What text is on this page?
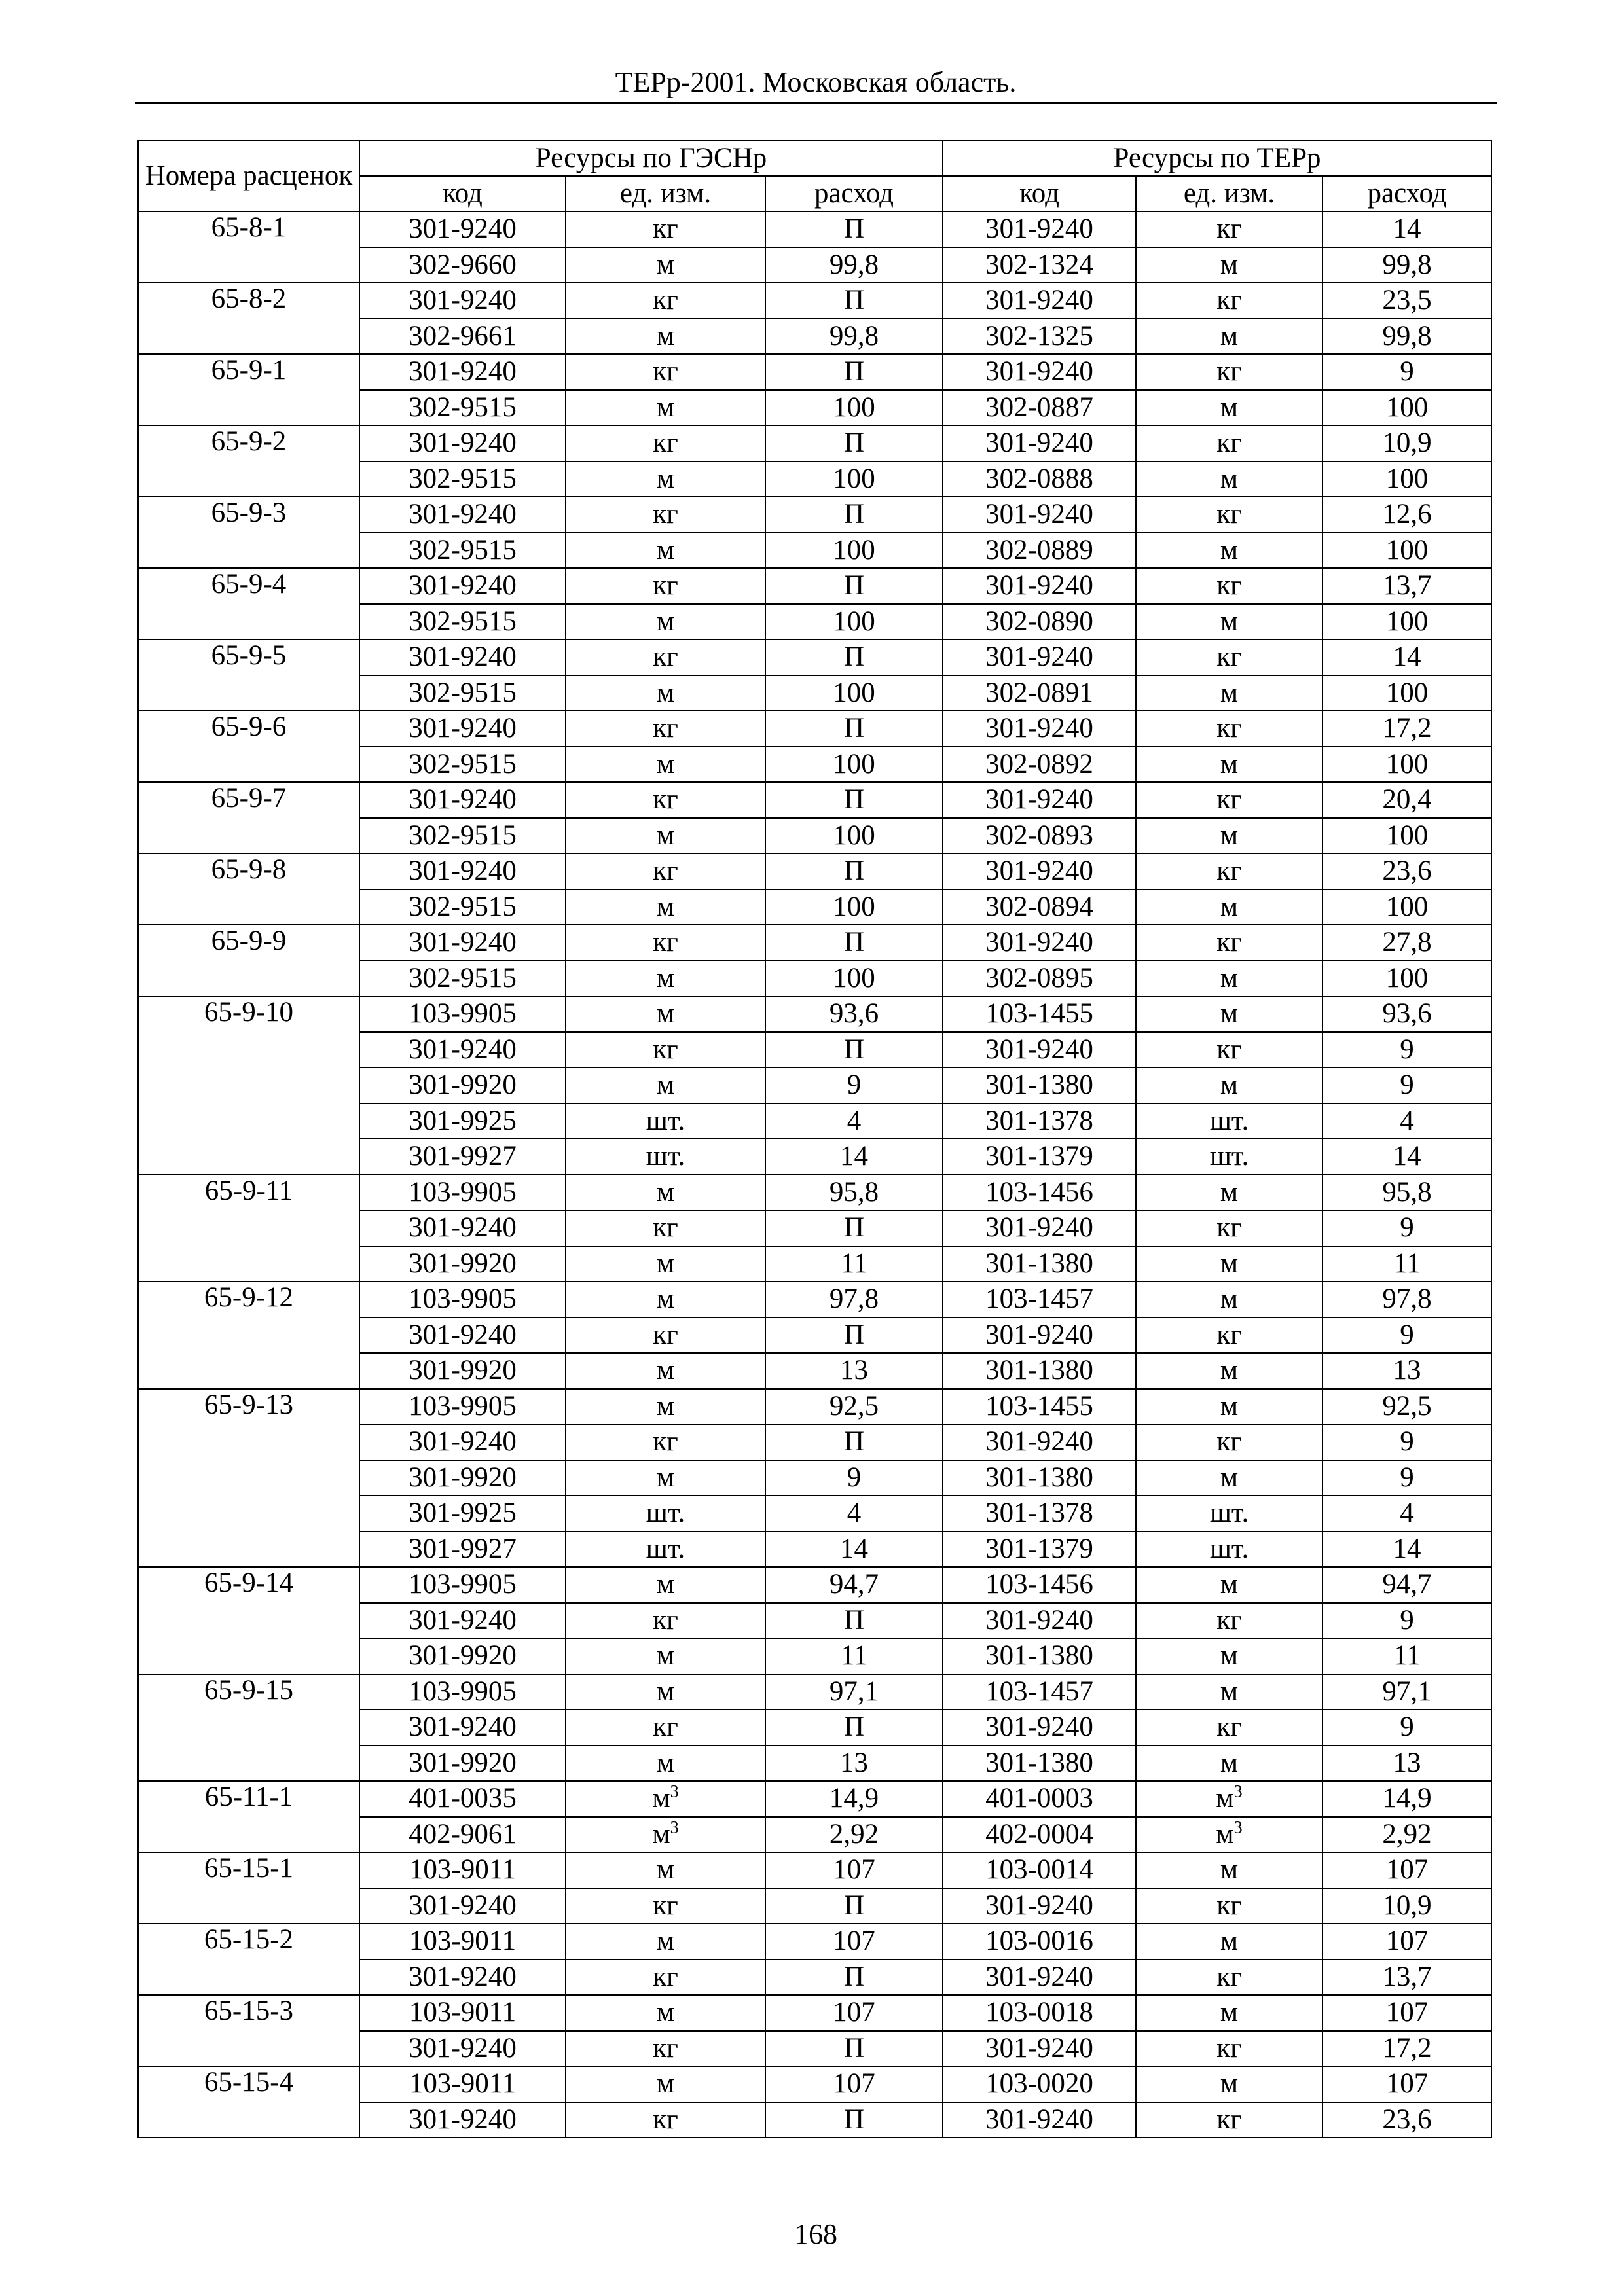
ТЕРр-2001. Московская область.
Номера расценок	Ресурсы по ГЭСНр			Ресурсы по ТЕРр		
	код	ед. изм.	расход	код	ед. изм.	расход
65-8-1	301-9240	кг	П	301-9240	кг	14
	302-9660	м	99,8	302-1324	м	99,8
65-8-2	301-9240	кг	П	301-9240	кг	23,5
	302-9661	м	99,8	302-1325	м	99,8
65-9-1	301-9240	кг	П	301-9240	кг	9
	302-9515	м	100	302-0887	м	100
65-9-2	301-9240	кг	П	301-9240	кг	10,9
	302-9515	м	100	302-0888	м	100
65-9-3	301-9240	кг	П	301-9240	кг	12,6
	302-9515	м	100	302-0889	м	100
65-9-4	301-9240	кг	П	301-9240	кг	13,7
	302-9515	м	100	302-0890	м	100
65-9-5	301-9240	кг	П	301-9240	кг	14
	302-9515	м	100	302-0891	м	100
65-9-6	301-9240	кг	П	301-9240	кг	17,2
	302-9515	м	100	302-0892	м	100
65-9-7	301-9240	кг	П	301-9240	кг	20,4
	302-9515	м	100	302-0893	м	100
65-9-8	301-9240	кг	П	301-9240	кг	23,6
	302-9515	м	100	302-0894	м	100
65-9-9	301-9240	кг	П	301-9240	кг	27,8
	302-9515	м	100	302-0895	м	100
65-9-10	103-9905	м	93,6	103-1455	м	93,6
	301-9240	кг	П	301-9240	кг	9
	301-9920	м	9	301-1380	м	9
	301-9925	шт.	4	301-1378	шт.	4
	301-9927	шт.	14	301-1379	шт.	14
65-9-11	103-9905	м	95,8	103-1456	м	95,8
	301-9240	кг	П	301-9240	кг	9
	301-9920	м	11	301-1380	м	11
65-9-12	103-9905	м	97,8	103-1457	м	97,8
	301-9240	кг	П	301-9240	кг	9
	301-9920	м	13	301-1380	м	13
65-9-13	103-9905	м	92,5	103-1455	м	92,5
	301-9240	кг	П	301-9240	кг	9
	301-9920	м	9	301-1380	м	9
	301-9925	шт.	4	301-1378	шт.	4
	301-9927	шт.	14	301-1379	шт.	14
65-9-14	103-9905	м	94,7	103-1456	м	94,7
	301-9240	кг	П	301-9240	кг	9
	301-9920	м	11	301-1380	м	11
65-9-15	103-9905	м	97,1	103-1457	м	97,1
	301-9240	кг	П	301-9240	кг	9
	301-9920	м	13	301-1380	м	13
65-11-1	401-0035	$м^3$	14,9	401-0003	$м^3$	14,9
	402-9061	$м^3$	2,92	402-0004	$м^3$	2,92
65-15-1	103-9011	м	107	103-0014	м	107
	301-9240	кг	П	301-9240	кг	10,9
65-15-2	103-9011	м	107	103-0016	м	107
	301-9240	кг	П	301-9240	кг	13,7
65-15-3	103-9011	м	107	103-0018	м	107
	301-9240	кг	П	301-9240	кг	17,2
65-15-4	103-9011	м	107	103-0020	м	107
	301-9240	кг	П	301-9240	кг	23,6
168
